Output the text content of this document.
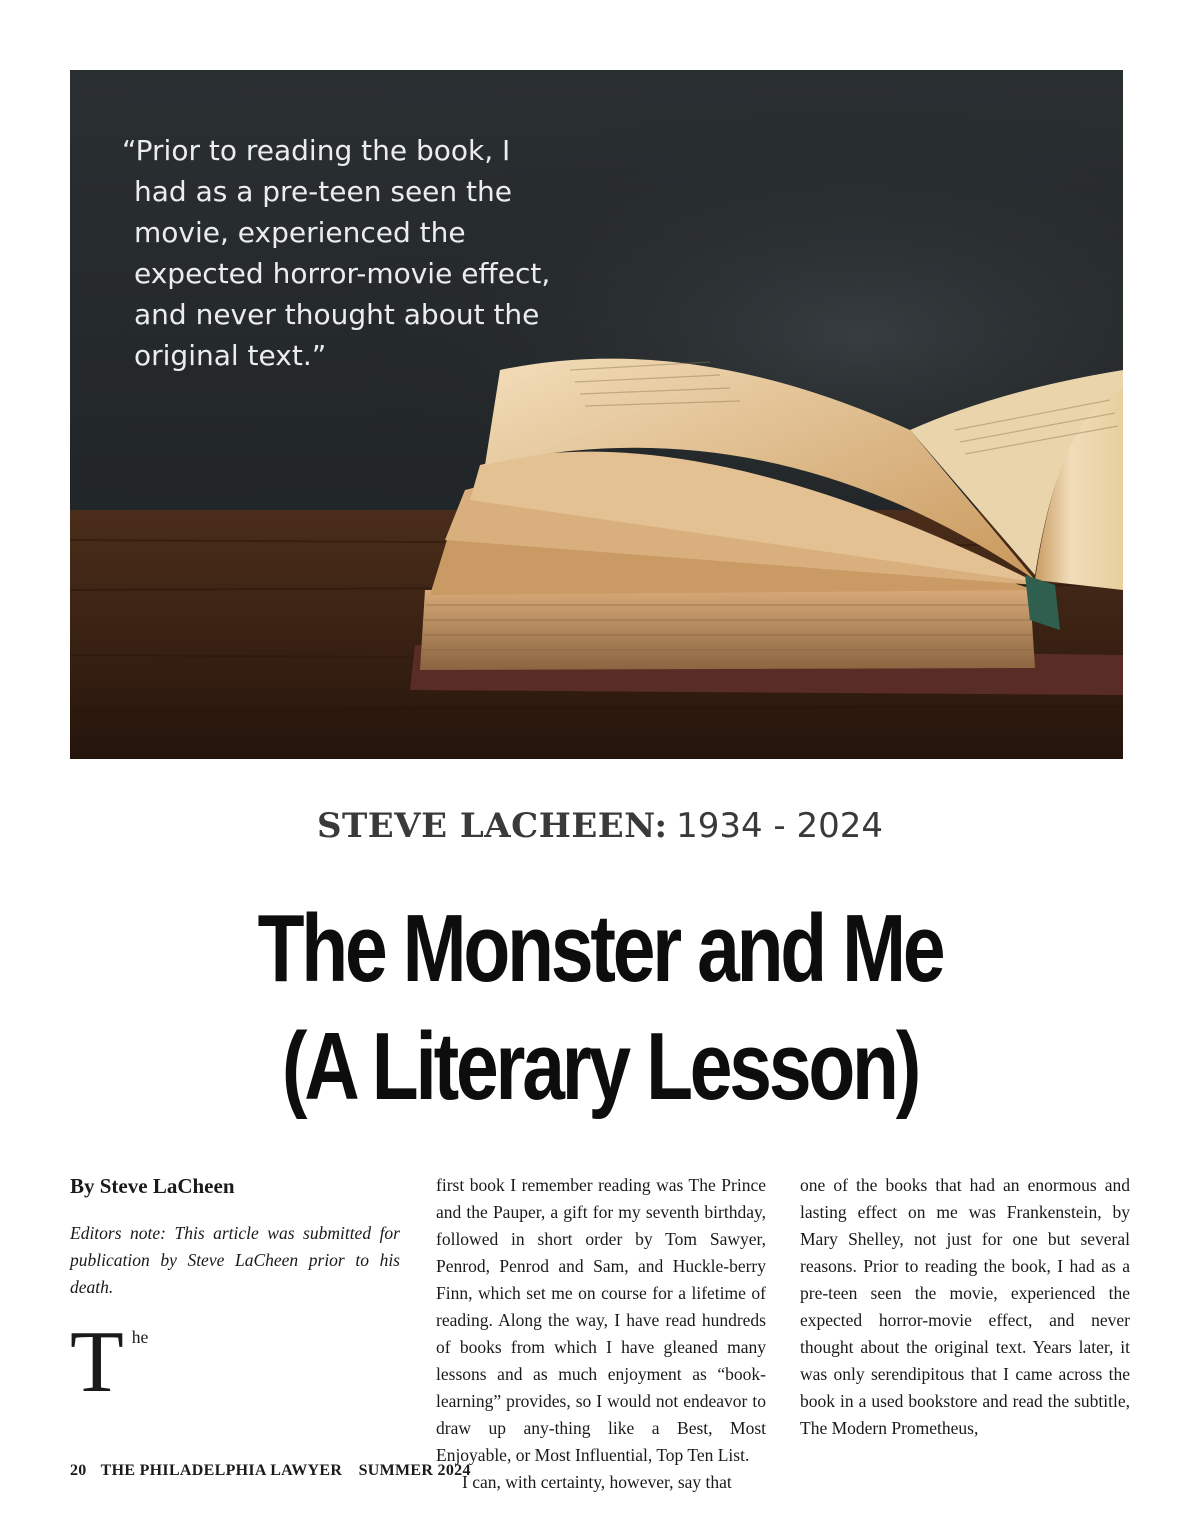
“Prior to reading the book, I had as a pre-teen seen the movie, experienced the expected horror-movie effect, and never thought about the original text.”

STEVE LACHEEN: 1934 - 2024
The Monster and Me
(A Literary Lesson)

By Steve LaCheen

Editors note: This article was submitted for publication by Steve LaCheen prior to his death.

The

first book I remember reading was The Prince and the Pauper, a gift for my seventh birthday, followed in short order by Tom Sawyer, Penrod, Penrod and Sam, and Huckle-berry Finn, which set me on course for a lifetime of reading. Along the way, I have read hundreds of books from which I have gleaned many lessons and as much enjoyment as “book-learning” provides, so I would not endeavor to draw up any-thing like a Best, Most Enjoyable, or Most Influential, Top Ten List.

I can, with certainty, however, say that

one of the books that had an enormous and lasting effect on me was Frankenstein, by Mary Shelley, not just for one but several reasons. Prior to reading the book, I had as a pre-teen seen the movie, experienced the expected horror-movie effect, and never thought about the original text. Years later, it was only serendipitous that I came across the book in a used bookstore and read the subtitle, The Modern Prometheus,

20 THE PHILADELPHIA LAWYER SUMMER 2024
